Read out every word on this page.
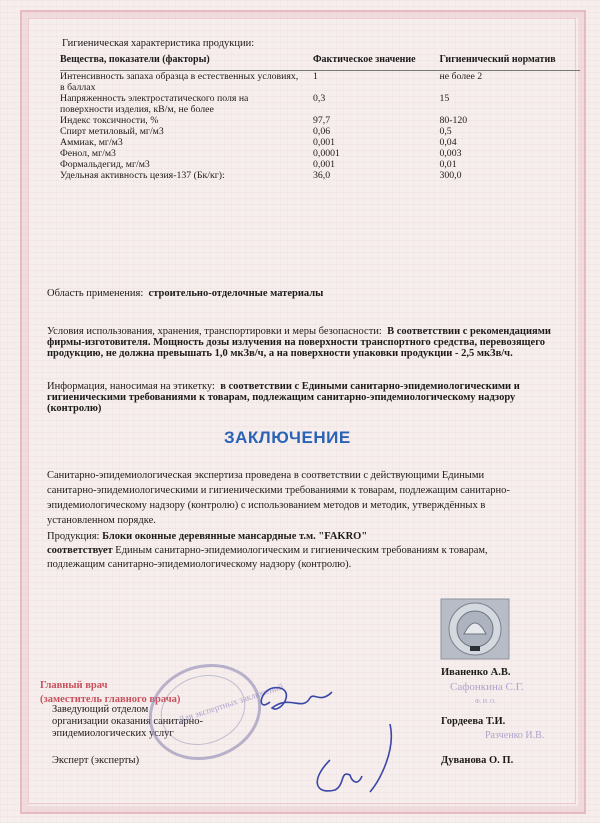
Гигиеническая характеристика продукции:
Вещества, показатели (факторы)	Фактическое значение	Гигиенический норматив
Интенсивность запаха образца в естественных условиях,	1	не более 2
в баллах		
Напряженность электростатического поля на	0,3	15
поверхности изделия, кВ/м, не более		
Индекс токсичности, %	97,7	80-120
Спирт метиловый, мг/м3	0,06	0,5
Аммиак, мг/м3	0,001	0,04
Фенол, мг/м3	0,0001	0,003
Формальдегид, мг/м3	0,001	0,01
Удельная активность цезия-137 (Бк/кг):	36,0	300,0
Область применения: строительно-отделочные материалы
Условия использования, хранения, транспортировки и меры безопасности: В соответствии с рекомендациями
фирмы-изготовителя. Мощность дозы излучения на поверхности транспортного средства, перевозящего
продукцию, не должна превышать 1,0 мкЗв/ч, а на поверхности упаковки продукции - 2,5 мкЗв/ч.
Информация, наносимая на этикетку: в соответствии с Едиными санитарно-эпидемиологическими и
гигиеническими требованиями к товарам, подлежащим санитарно-эпидемиологическому надзору
(контролю)
ЗАКЛЮЧЕНИЕ
Санитарно-эпидемиологическая экспертиза проведена в соответствии с действующими Едиными
санитарно-эпидемиологическими и гигиеническими требованиями к товарам, подлежащим санитарно-
эпидемиологическому надзору (контролю) с использованием методов и методик, утверждённых в
установленном порядке.
Продукция: Блоки оконные деревянные мансардные т.м. "FAKRO"
соответствует Единым санитарно-эпидемиологическим и гигиеническим требованиям к товарам,
подлежащим санитарно-эпидемиологическому надзору (контролю).
Главный врач
(заместитель главного врача)
Заведующий отделом
организации оказания санитарно-
эпидемиологических услуг
Эксперт (эксперты)
Для экспертных заключений
Иваненко А.В.
Сафонкина С.Г.
Ф. И. О.
Гордеева Т.И.
Разченко И.В.
Дуванова О. П.
